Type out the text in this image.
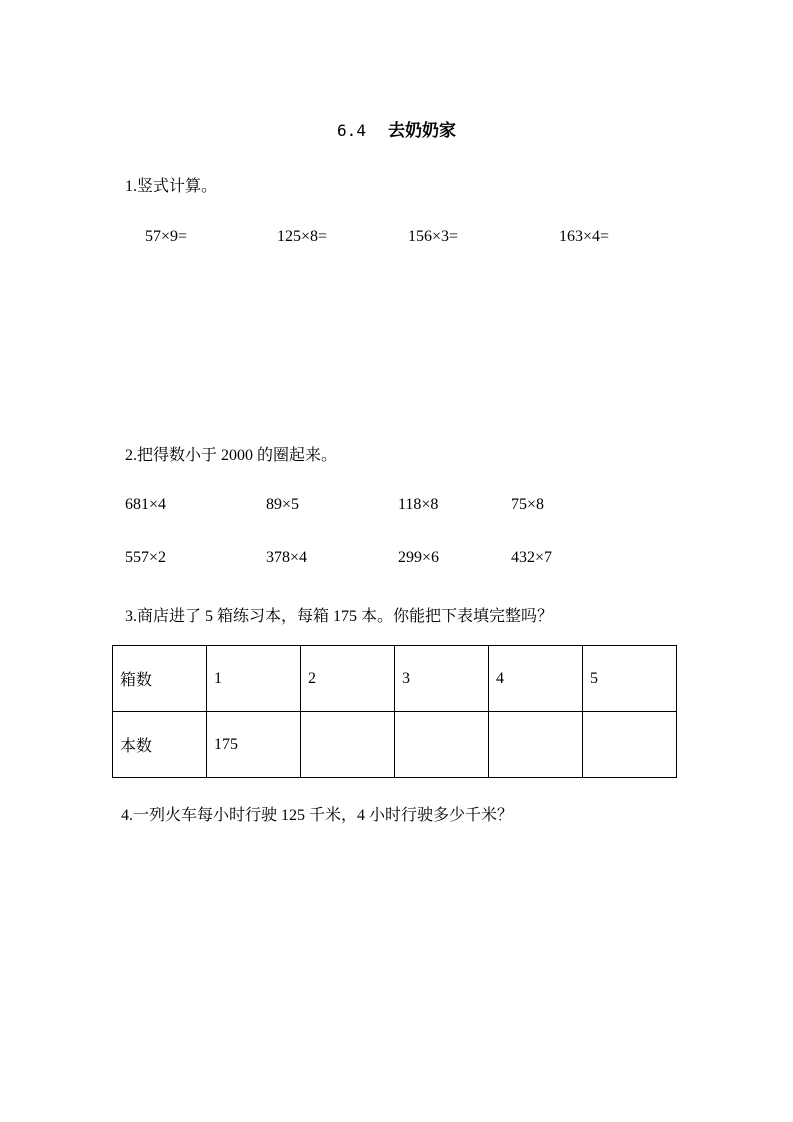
6.4 去奶奶家
1.竖式计算。
57×9=	125×8=	156×3=	163×4=
2.把得数小于 2000 的圈起来。
681×4	89×5	118×8	75×8
557×2	378×4	299×6	432×7
3.商店进了 5 箱练习本，每箱 175 本。你能把下表填完整吗？
箱数	1	2	3	4	5
本数	175				
4.一列火车每小时行驶 125 千米，4 小时行驶多少千米？
